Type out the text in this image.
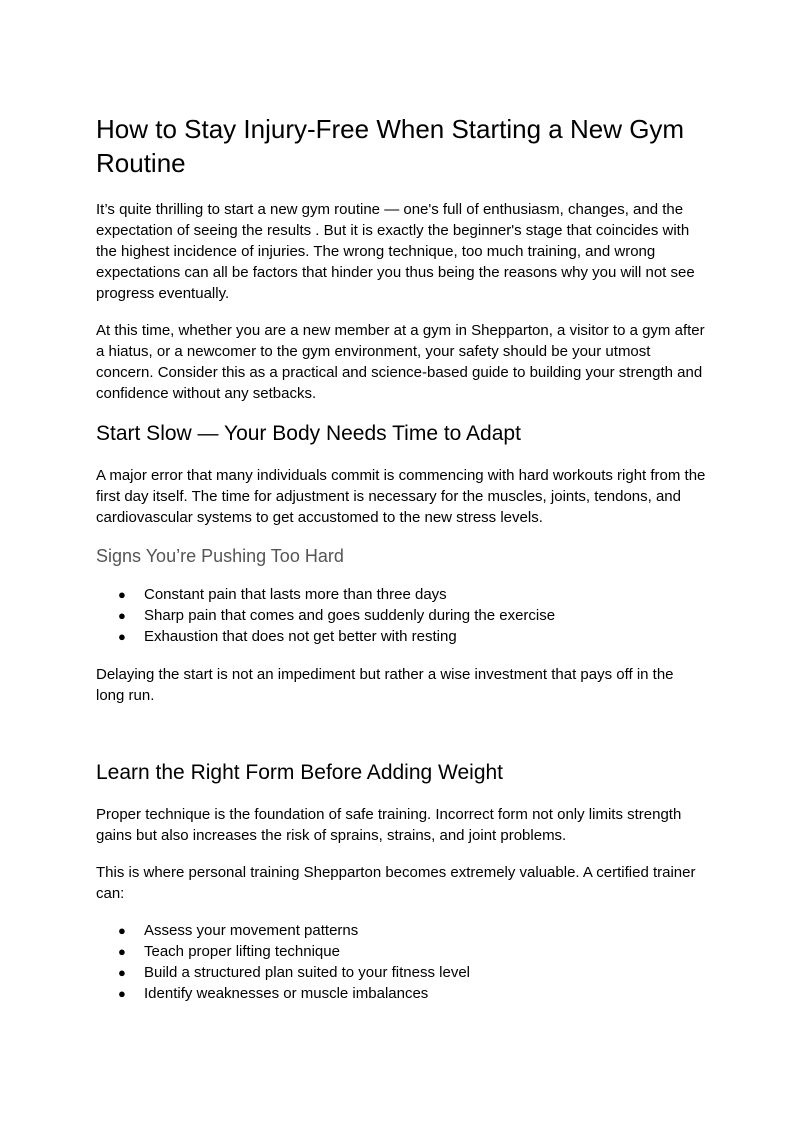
How to Stay Injury-Free When Starting a New Gym Routine

It’s quite thrilling to start a new gym routine — one's full of enthusiasm, changes, and the expectation of seeing the results . But it is exactly the beginner's stage that coincides with the highest incidence of injuries. The wrong technique, too much training, and wrong expectations can all be factors that hinder you thus being the reasons why you will not see progress eventually.

At this time, whether you are a new member at a gym in Shepparton, a visitor to a gym after a hiatus, or a newcomer to the gym environment, your safety should be your utmost concern. Consider this as a practical and science-based guide to building your strength and confidence without any setbacks.

Start Slow — Your Body Needs Time to Adapt

A major error that many individuals commit is commencing with hard workouts right from the first day itself. The time for adjustment is necessary for the muscles, joints, tendons, and cardiovascular systems to get accustomed to the new stress levels.

Signs You’re Pushing Too Hard
● Constant pain that lasts more than three days
● Sharp pain that comes and goes suddenly during the exercise
● Exhaustion that does not get better with resting

Delaying the start is not an impediment but rather a wise investment that pays off in the long run.

Learn the Right Form Before Adding Weight

Proper technique is the foundation of safe training. Incorrect form not only limits strength gains but also increases the risk of sprains, strains, and joint problems.

This is where personal training Shepparton becomes extremely valuable. A certified trainer can:

● Assess your movement patterns
● Teach proper lifting technique
● Build a structured plan suited to your fitness level
● Identify weaknesses or muscle imbalances
